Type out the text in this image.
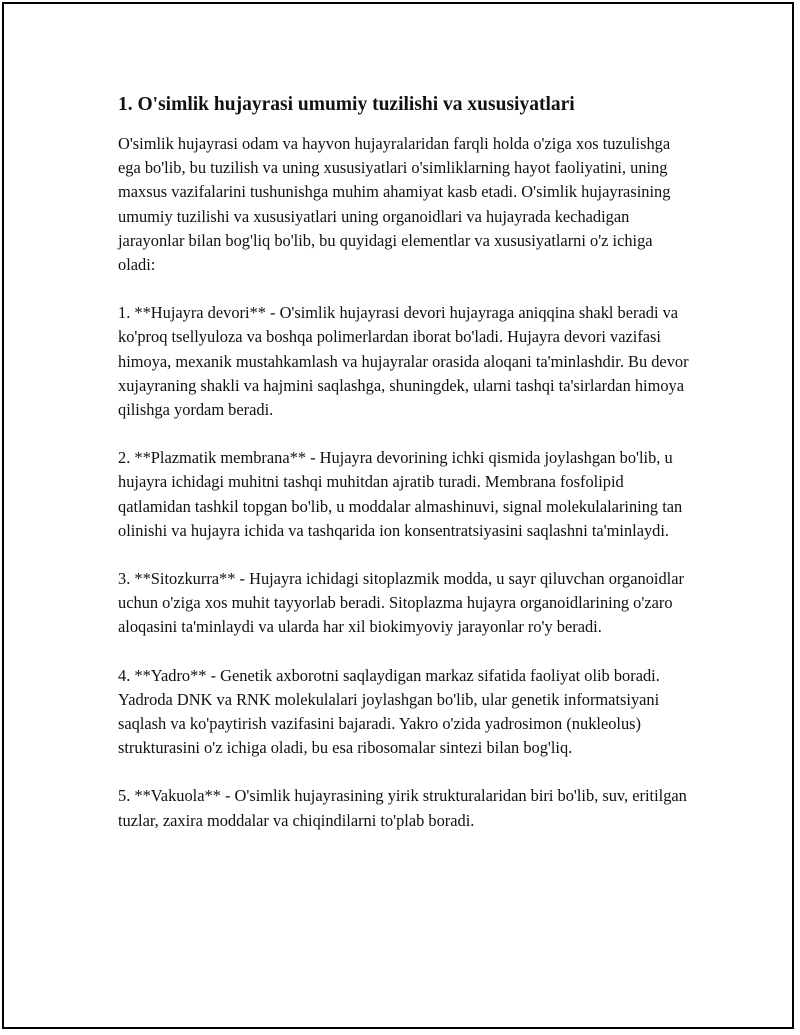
1. O'simlik hujayrasi umumiy tuzilishi va xususiyatlari

O'simlik hujayrasi odam va hayvon hujayralaridan farqli holda o'ziga xos tuzulishga ega bo'lib, bu tuzilish va uning xususiyatlari o'simliklarning hayot faoliyatini, uning maxsus vazifalarini tushunishga muhim ahamiyat kasb etadi. O'simlik hujayrasining umumiy tuzilishi va xususiyatlari uning organoidlari va hujayrada kechadigan jarayonlar bilan bog'liq bo'lib, bu quyidagi elementlar va xususiyatlarni o'z ichiga oladi:

1. **Hujayra devori** - O'simlik hujayrasi devori hujayraga aniqqina shakl beradi va ko'proq tsellyuloza va boshqa polimerlardan iborat bo'ladi. Hujayra devori vazifasi himoya, mexanik mustahkamlash va hujayralar orasida aloqani ta'minlashdir. Bu devor xujayraning shakli va hajmini saqlashga, shuningdek, ularni tashqi ta'sirlardan himoya qilishga yordam beradi.

2. **Plazmatik membrana** - Hujayra devorining ichki qismida joylashgan bo'lib, u hujayra ichidagi muhitni tashqi muhitdan ajratib turadi. Membrana fosfolipid qatlamidan tashkil topgan bo'lib, u moddalar almashinuvi, signal molekulalarining tan olinishi va hujayra ichida va tashqarida ion konsentratsiyasini saqlashni ta'minlaydi.

3. **Sitozkurra** - Hujayra ichidagi sitoplazmik modda, u sayr qiluvchan organoidlar uchun o'ziga xos muhit tayyorlab beradi. Sitoplazma hujayra organoidlarining o'zaro aloqasini ta'minlaydi va ularda har xil biokimyoviy jarayonlar ro'y beradi.

4. **Yadro** - Genetik axborotni saqlaydigan markaz sifatida faoliyat olib boradi. Yadroda DNK va RNK molekulalari joylashgan bo'lib, ular genetik informatsiyani saqlash va ko'paytirish vazifasini bajaradi. Yakro o'zida yadrosimon (nukleolus) strukturasini o'z ichiga oladi, bu esa ribosomalar sintezi bilan bog'liq.

5. **Vakuola** - O'simlik hujayrasining yirik strukturalaridan biri bo'lib, suv, eritilgan tuzlar, zaxira moddalar va chiqindilarni to'plab boradi.
